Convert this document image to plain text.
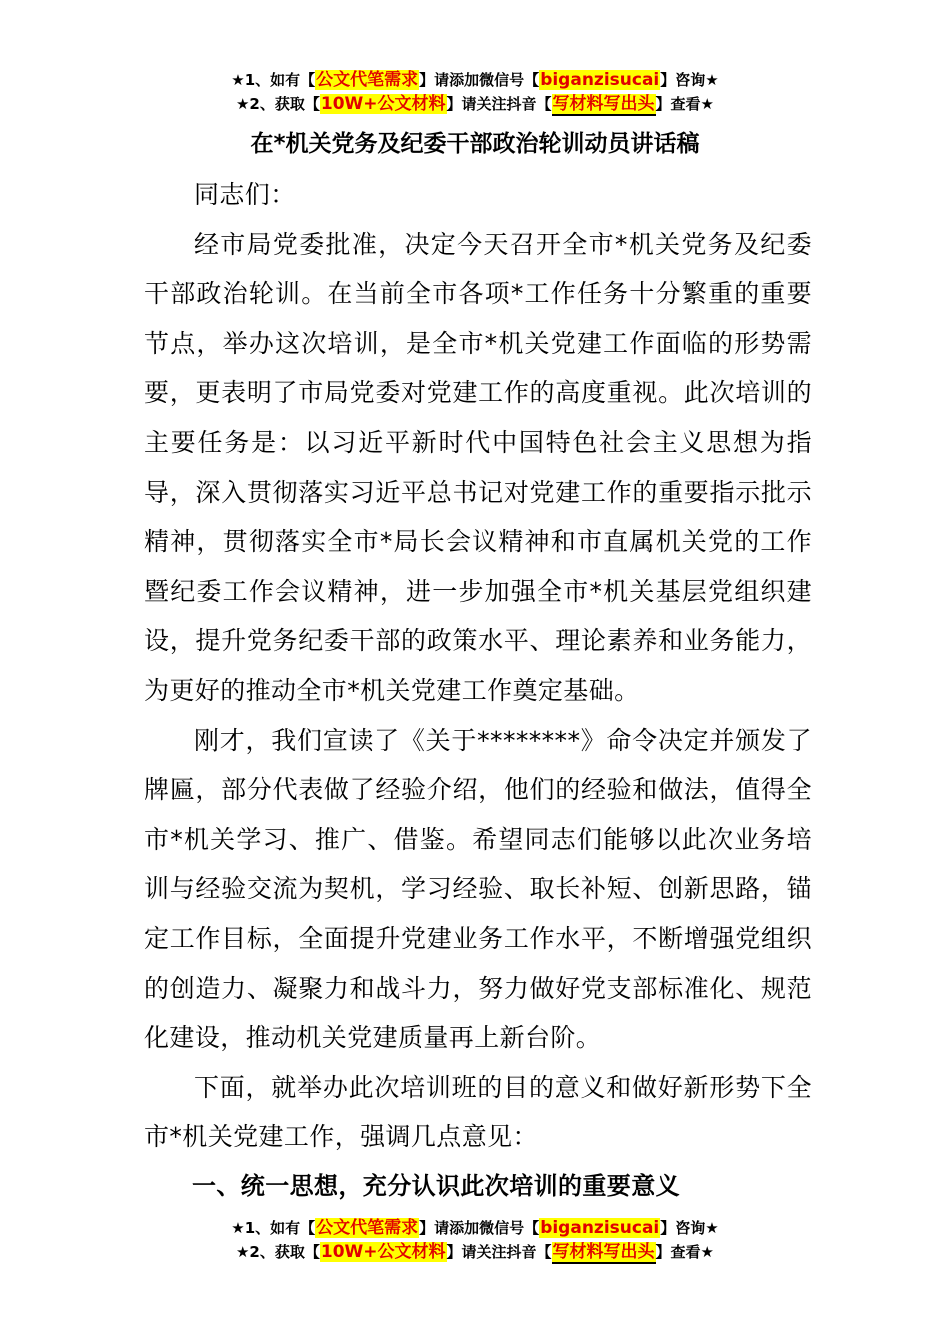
★1、如有【公文代笔需求】请添加微信号【biganzisucai】咨询★
★2、获取【10W+公文材料】请关注抖音【写材料写出头】查看★
在*机关党务及纪委干部政治轮训动员讲话稿

同志们：

经市局党委批准，决定今天召开全市*机关党务及纪委干部政治轮训。在当前全市各项*工作任务十分繁重的重要节点，举办这次培训，是全市*机关党建工作面临的形势需要，更表明了市局党委对党建工作的高度重视。此次培训的主要任务是：以习近平新时代中国特色社会主义思想为指导，深入贯彻落实习近平总书记对党建工作的重要指示批示精神，贯彻落实全市*局长会议精神和市直属机关党的工作暨纪委工作会议精神，进一步加强全市*机关基层党组织建设，提升党务纪委干部的政策水平、理论素养和业务能力，为更好的推动全市*机关党建工作奠定基础。

刚才，我们宣读了《关于********》命令决定并颁发了牌匾，部分代表做了经验介绍，他们的经验和做法，值得全市*机关学习、推广、借鉴。希望同志们能够以此次业务培训与经验交流为契机，学习经验、取长补短、创新思路，锚定工作目标，全面提升党建业务工作水平，不断增强党组织的创造力、凝聚力和战斗力，努力做好党支部标准化、规范化建设，推动机关党建质量再上新台阶。

下面，就举办此次培训班的目的意义和做好新形势下全市*机关党建工作，强调几点意见：

一、统一思想，充分认识此次培训的重要意义

★1、如有【公文代笔需求】请添加微信号【biganzisucai】咨询★
★2、获取【10W+公文材料】请关注抖音【写材料写出头】查看★
